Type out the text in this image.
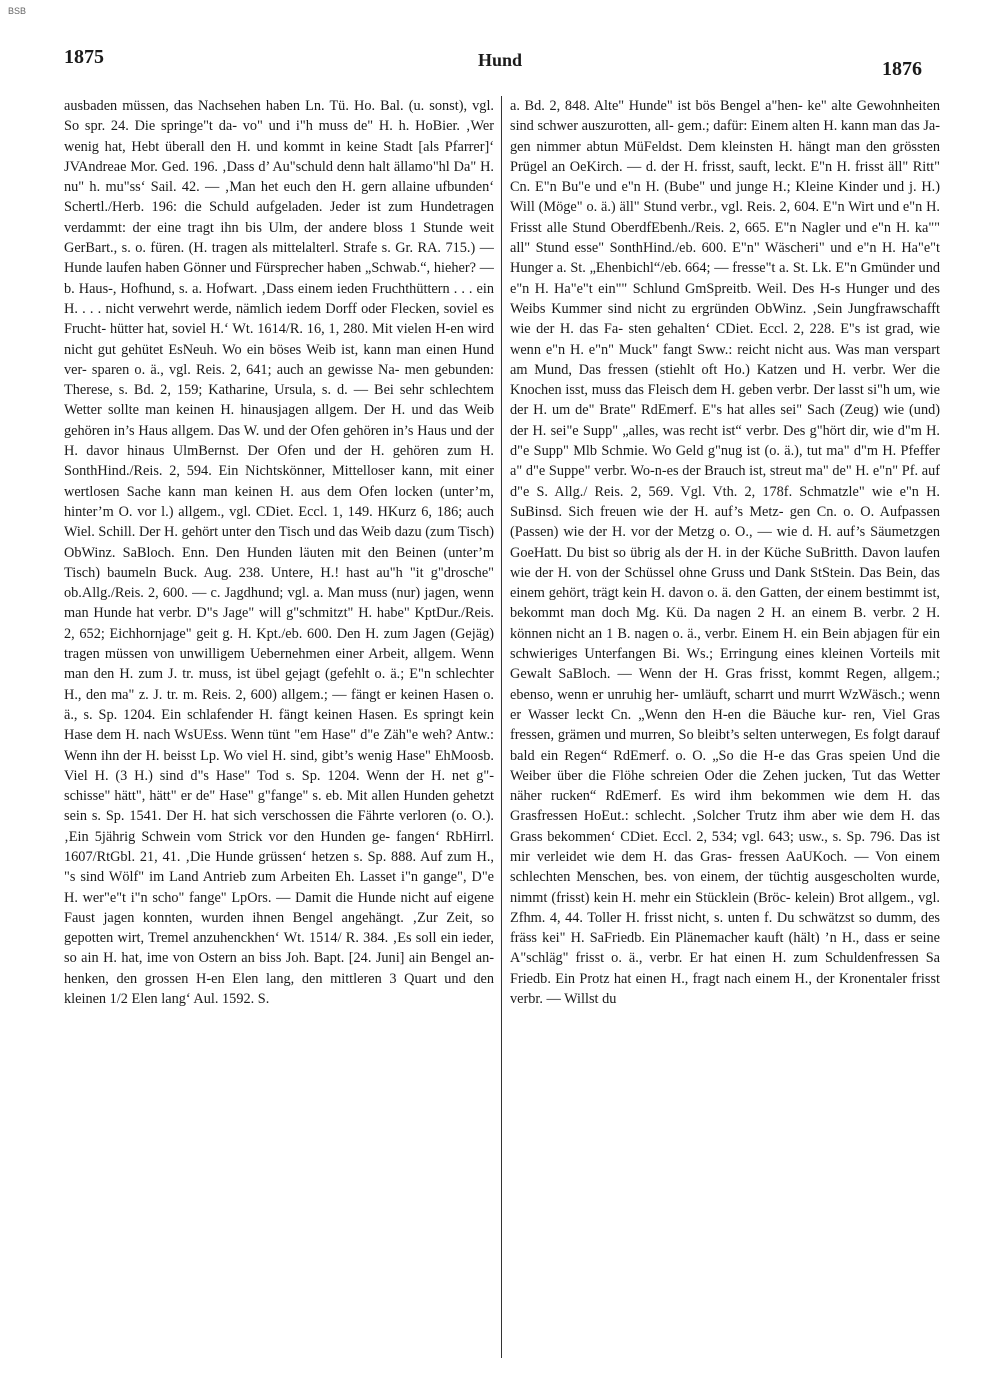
BSB
1875	Hund	1876

ausbaden müssen, das Nachsehen haben Ln. Tü. Ho. Bal. (u. sonst), vgl. So spr. 24. Die springe"t da- vo" und i"h muss de" H. h. HoBier. ‚Wer wenig hat, Hebt überall den H. und kommt in keine Stadt [als Pfarrer]‘ JVAndreae Mor. Ged. 196. ‚Dass d’ Au"schuld denn halt ällamo"hl Da" H. nu" h. mu"ss‘ Sail. 42. — ‚Man het euch den H. gern allaine ufbunden‘ Schertl./Herb. 196: die Schuld aufgeladen. Jeder ist zum Hundetragen verdammt: der eine tragt ihn bis Ulm, der andere bloss 1 Stunde weit GerBart., s. o. füren. (H. tragen als mittelalterl. Strafe s. Gr. RA. 715.) — Hunde laufen haben Gönner und Fürsprecher haben „Schwab.“, hieher? — b. Haus-, Hofhund, s. a. Hofwart. ‚Dass einem ieden Fruchthüttern . . . ein H. . . . nicht verwehrt werde, nämlich iedem Dorff oder Flecken, soviel es Frucht- hütter hat, soviel H.‘ Wt. 1614/R. 16, 1, 280. Mit vielen H-en wird nicht gut gehütet EsNeuh. Wo ein böses Weib ist, kann man einen Hund ver- sparen o. ä., vgl. Reis. 2, 641; auch an gewisse Na- men gebunden: Therese, s. Bd. 2, 159; Katharine, Ursula, s. d. — Bei sehr schlechtem Wetter sollte man keinen H. hinausjagen allgem. Der H. und das Weib gehören in’s Haus allgem. Das W. und der Ofen gehören in’s Haus und der H. davor hinaus UlmBernst. Der Ofen und der H. gehören zum H. SonthHind./Reis. 2, 594. Ein Nichtskönner, Mittelloser kann, mit einer wertlosen Sache kann man keinen H. aus dem Ofen locken (unter’m, hinter’m O. vor l.) allgem., vgl. CDiet. Eccl. 1, 149. HKurz 6, 186; auch Wiel. Schill. Der H. gehört unter den Tisch und das Weib dazu (zum Tisch) ObWinz. SaBloch. Enn. Den Hunden läuten mit den Beinen (unter’m Tisch) baumeln Buck. Aug. 238. Untere, H.! hast au"h "it g"drosche" ob.Allg./Reis. 2, 600. — c. Jagdhund; vgl. a. Man muss (nur) jagen, wenn man Hunde hat verbr. D"s Jage" will g"schmitzt" H. habe" KptDur./Reis. 2, 652; Eichhornjage" geit g. H. Kpt./eb. 600. Den H. zum Jagen (Gejäg) tragen müssen von unwilligem Uebernehmen einer Arbeit, allgem. Wenn man den H. zum J. tr. muss, ist übel gejagt (gefehlt o. ä.; E"n schlechter H., den ma" z. J. tr. m. Reis. 2, 600) allgem.; — fängt er keinen Hasen o. ä., s. Sp. 1204. Ein schlafender H. fängt keinen Hasen. Es springt kein Hase dem H. nach WsUEss. Wenn tünt "em Hase" d"e Zäh"e weh? Antw.: Wenn ihn der H. beisst Lp. Wo viel H. sind, gibt’s wenig Hase" EhMoosb. Viel H. (3 H.) sind d"s Hase" Tod s. Sp. 1204. Wenn der H. net g"- schisse" hätt", hätt" er de" Hase" g"fange" s. eb. Mit allen Hunden gehetzt sein s. Sp. 1541. Der H. hat sich verschossen die Fährte verloren (o. O.). ‚Ein 5jährig Schwein vom Strick vor den Hunden ge- fangen‘ RbHirrl. 1607/RtGbl. 21, 41. ‚Die Hunde grüssen‘ hetzen s. Sp. 888. Auf zum H., "s sind Wölf" im Land Antrieb zum Arbeiten Eh. Lasset i"n gange", D"e H. wer"e"t i"n scho" fange" LpOrs. — Damit die Hunde nicht auf eigene Faust jagen konnten, wurden ihnen Bengel angehängt. ‚Zur Zeit, so gepotten wirt, Tremel anzuhenckhen‘ Wt. 1514/ R. 384. ‚Es soll ein ieder, so ain H. hat, ime von Ostern an biss Joh. Bapt. [24. Juni] ain Bengel an- henken, den grossen H-en Elen lang, den mittleren 3 Quart und den kleinen 1/2 Elen lang‘ Aul. 1592. S.

a. Bd. 2, 848. Alte" Hunde" ist bös Bengel a"hen- ke" alte Gewohnheiten sind schwer auszurotten, all- gem.; dafür: Einem alten H. kann man das Ja- gen nimmer abtun MüFeldst. Dem kleinsten H. hängt man den grössten Prügel an OeKirch. — d. der H. frisst, sauft, leckt. E"n H. frisst äll" Ritt" Cn. E"n Bu"e und e"n H. (Bube" und junge H.; Kleine Kinder und j. H.) Will (Möge" o. ä.) äll" Stund verbr., vgl. Reis. 2, 604. E"n Wirt und e"n H. Frisst alle Stund OberdfEbenh./Reis. 2, 665. E"n Nagler und e"n H. ka"" all" Stund esse" SonthHind./eb. 600. E"n" Wäscheri" und e"n H. Ha"e"t Hunger a. St. „Ehenbichl“/eb. 664; — fresse"t a. St. Lk. E"n Gmünder und e"n H. Ha"e"t ein"" Schlund GmSpreitb. Weil. Des H-s Hunger und des Weibs Kummer sind nicht zu ergründen ObWinz. ‚Sein Jungfrawschafft wie der H. das Fa- sten gehalten‘ CDiet. Eccl. 2, 228. E"s ist grad, wie wenn e"n H. e"n" Muck" fangt Sww.: reicht nicht aus. Was man verspart am Mund, Das fressen (stiehlt oft Ho.) Katzen und H. verbr. Wer die Knochen isst, muss das Fleisch dem H. geben verbr. Der lasst si"h um, wie der H. um de" Brate" RdEmerf. E"s hat alles sei" Sach (Zeug) wie (und) der H. sei"e Supp" „alles, was recht ist“ verbr. Des g"hört dir, wie d"m H. d"e Supp" Mlb Schmie. Wo Geld g"nug ist (o. ä.), tut ma" d"m H. Pfeffer a" d"e Suppe" verbr. Wo-n-es der Brauch ist, streut ma" de" H. e"n" Pf. auf d"e S. Allg./ Reis. 2, 569. Vgl. Vth. 2, 178f. Schmatzle" wie e"n H. SuBinsd. Sich freuen wie der H. auf’s Metz- gen Cn. o. O. Aufpassen (Passen) wie der H. vor der Metzg o. O., — wie d. H. auf’s Säumetzgen GoeHatt. Du bist so übrig als der H. in der Küche SuBritth. Davon laufen wie der H. von der Schüssel ohne Gruss und Dank StStein. Das Bein, das einem gehört, trägt kein H. davon o. ä. den Gatten, der einem bestimmt ist, bekommt man doch Mg. Kü. Da nagen 2 H. an einem B. verbr. 2 H. können nicht an 1 B. nagen o. ä., verbr. Einem H. ein Bein abjagen für ein schwieriges Unterfangen Bi. Ws.; Erringung eines kleinen Vorteils mit Gewalt SaBloch. — Wenn der H. Gras frisst, kommt Regen, allgem.; ebenso, wenn er unruhig her- umläuft, scharrt und murrt WzWäsch.; wenn er Wasser leckt Cn. „Wenn den H-en die Bäuche kur- ren, Viel Gras fressen, grämen und murren, So bleibt’s selten unterwegen, Es folgt darauf bald ein Regen“ RdEmerf. o. O. „So die H-e das Gras speien Und die Weiber über die Flöhe schreien Oder die Zehen jucken, Tut das Wetter näher rucken“ RdEmerf. Es wird ihm bekommen wie dem H. das Grasfressen HoEut.: schlecht. ‚Solcher Trutz ihm aber wie dem H. das Grass bekommen‘ CDiet. Eccl. 2, 534; vgl. 643; usw., s. Sp. 796. Das ist mir verleidet wie dem H. das Gras- fressen AaUKoch. — Von einem schlechten Menschen, bes. von einem, der tüchtig ausgescholten wurde, nimmt (frisst) kein H. mehr ein Stücklein (Bröc- kelein) Brot allgem., vgl. Zfhm. 4, 44. Toller H. frisst nicht, s. unten f. Du schwätzst so dumm, des fräss kei" H. SaFriedb. Ein Plänemacher kauft (hält) ’n H., dass er seine A"schläg" frisst o. ä., verbr. Er hat einen H. zum Schuldenfressen Sa Friedb. Ein Protz hat einen H., fragt nach einem H., der Kronentaler frisst verbr. — Willst du
